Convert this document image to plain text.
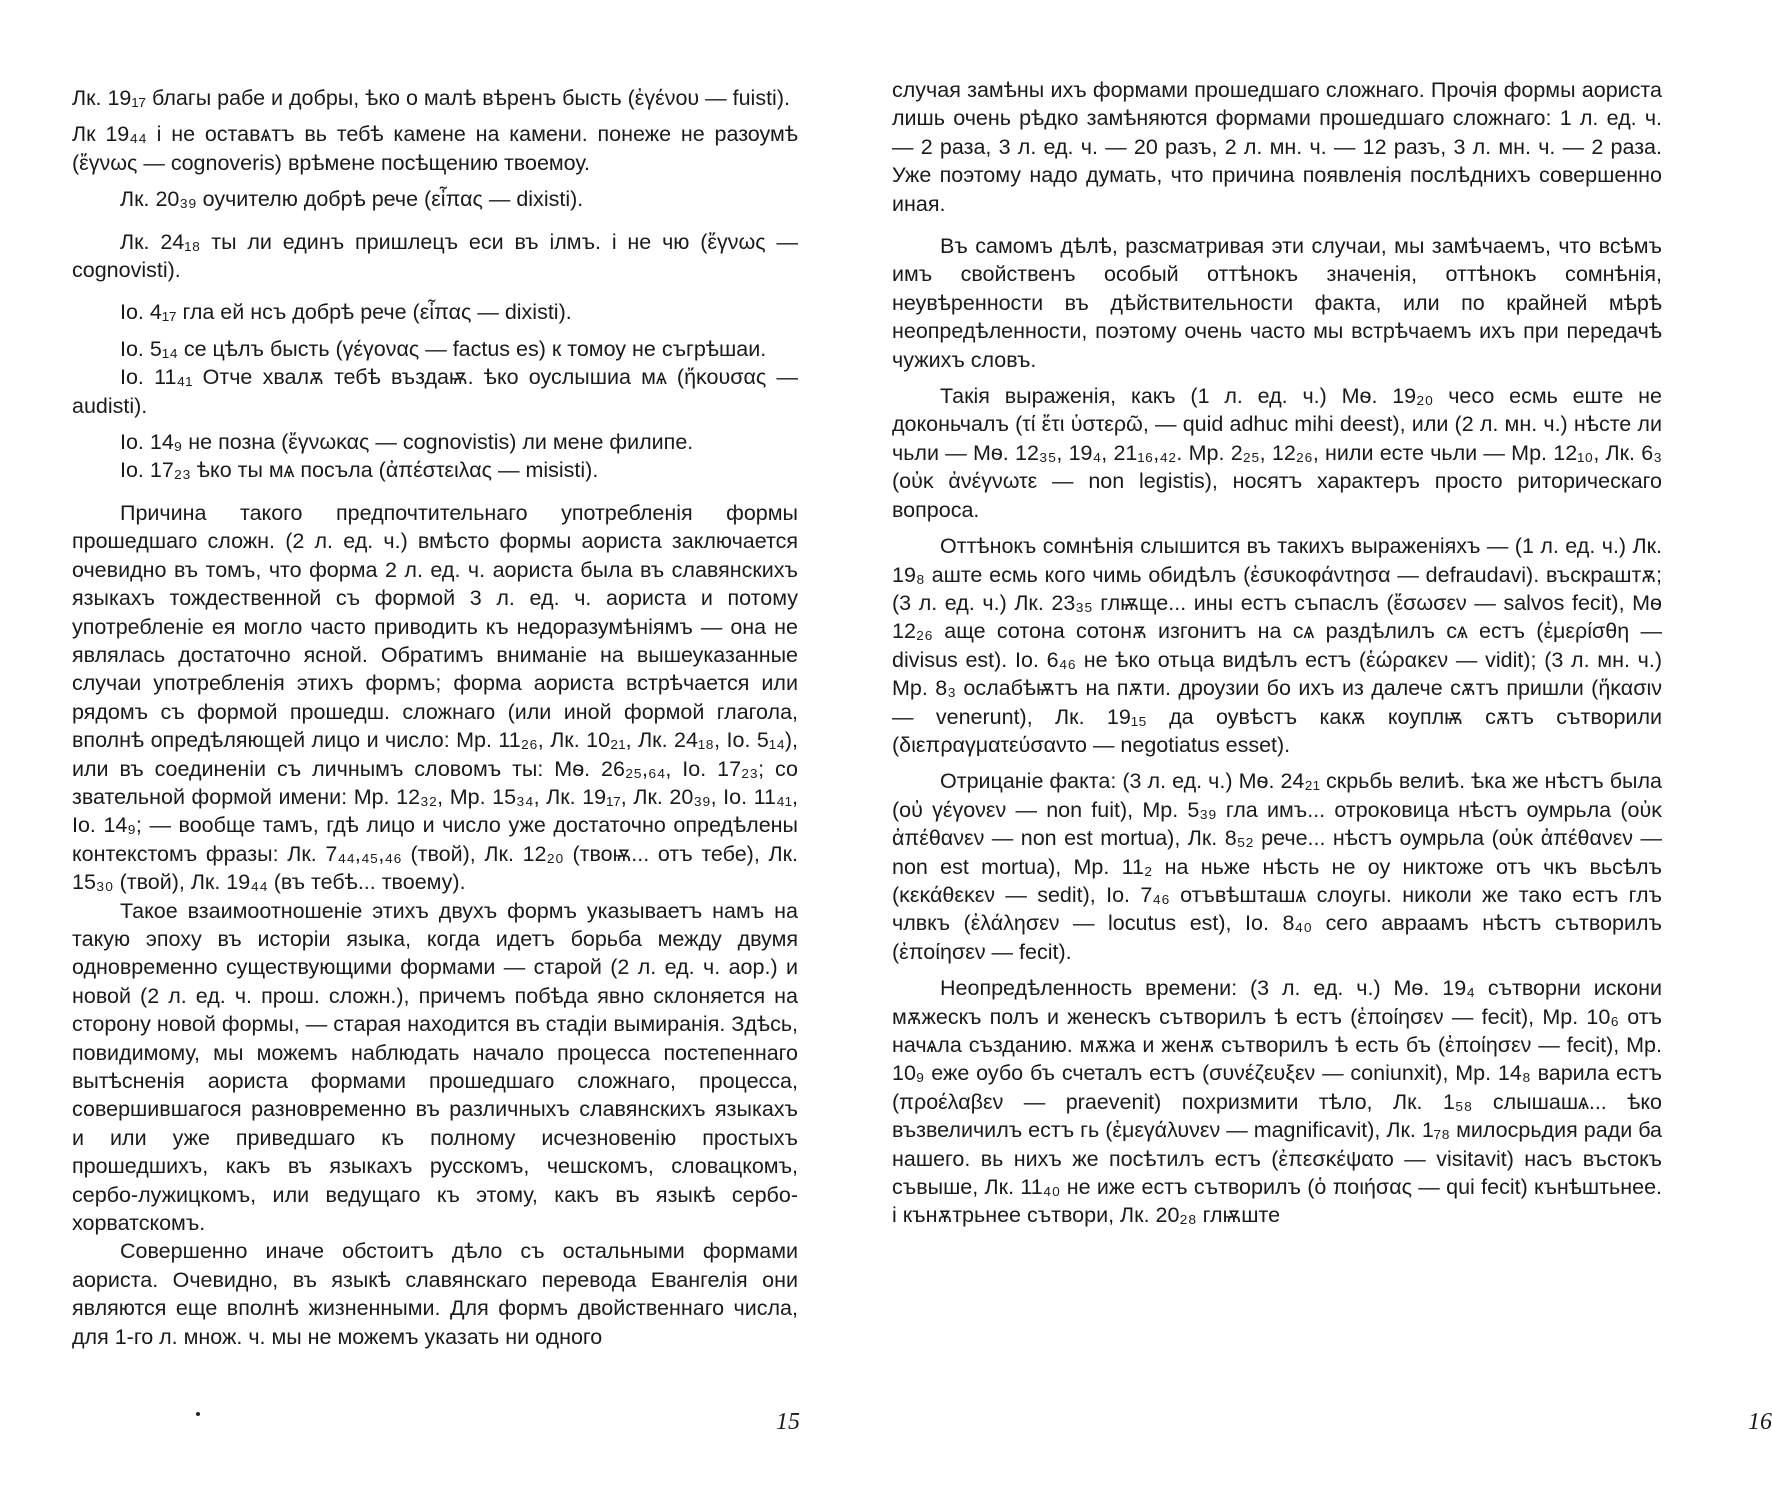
Лк. 19₁₇ благы рабе и добры, ѣко о малѣ вѣренъ бысть (ἐγένου — fuisti).

Лк 19₄₄ і не оставѧтъ вь тебѣ камене на камени. понеже не разоумѣ (ἔγνως — cognoveris) врѣмене посѣщению твоемоу.

Лк. 20₃₉ оучителю добрѣ рече (εἶπας — dixisti).

Лк. 24₁₈ ты ли единъ пришлецъ еси въ ілмъ. і не чю (ἔγνως — cognovisti).

Іо. 4₁₇ гла ей нсъ добрѣ рече (εἶπας — dixisti).

Іо. 5₁₄ се цѣлъ бысть (γέγονας — factus es) к томоу не съгрѣшаи.

Іо. 11₄₁ Отче хвалѫ тебѣ въздаѭ. ѣко оуслышиа мѧ (ἤκουσας — audisti).

Іо. 14₉ не позна (ἔγνωκας — cognovistis) ли мене филипе.

Іо. 17₂₃ ѣко ты мѧ посъла (ἀπέστειλας — misisti).

Причина такого предпочтительнаго употребленія формы прошедшаго сложн. (2 л. ед. ч.) вмѣсто формы аориста заключается очевидно въ томъ, что форма 2 л. ед. ч. аориста была въ славянскихъ языкахъ тождественной съ формой 3 л. ед. ч. аориста и потому употребленіе ея могло часто приводить къ недоразумѣніямъ — она не являлась достаточно ясной. Обратимъ вниманіе на вышеуказанные случаи употребленія этихъ формъ; форма аориста встрѣчается или рядомъ съ формой прошедш. сложнаго (или иной формой глагола, вполнѣ опредѣляющей лицо и число: Мр. 11₂₆, Лк. 10₂₁, Лк. 24₁₈, Іо. 5₁₄), или въ соединеніи съ личнымъ словомъ ты: Мѳ. 26₂₅,₆₄, Іо. 17₂₃; со звательной формой имени: Мр. 12₃₂, Мр. 15₃₄, Лк. 19₁₇, Лк. 20₃₉, Іо. 11₄₁, Іо. 14₉; — вообще тамъ, гдѣ лицо и число уже достаточно опредѣлены контекстомъ фразы: Лк. 7₄₄,₄₅,₄₆ (твой), Лк. 12₂₀ (твоѭ... отъ тебе), Лк. 15₃₀ (твой), Лк. 19₄₄ (въ тебѣ... твоему).

Такое взаимоотношеніе этихъ двухъ формъ указываетъ намъ на такую эпоху въ исторіи языка, когда идетъ борьба между двумя одновременно существующими формами — старой (2 л. ед. ч. аор.) и новой (2 л. ед. ч. прош. сложн.), причемъ побѣда явно склоняется на сторону новой формы, — старая находится въ стадіи вымиранія. Здѣсь, повидимому, мы можемъ наблюдать начало процесса постепеннаго вытѣсненія аориста формами прошедшаго сложнаго, процесса, совершившагося разновременно въ различныхъ славянскихъ языкахъ и или уже приведшаго къ полному исчезновенію простыхъ прошедшихъ, какъ въ языкахъ русскомъ, чешскомъ, словацкомъ, сербо-лужицкомъ, или ведущаго къ этому, какъ въ языкѣ сербо-хорватскомъ.

Совершенно иначе обстоитъ дѣло съ остальными формами аориста. Очевидно, въ языкѣ славянскаго перевода Евангелія они являются еще вполнѣ жизненными. Для формъ двойственнаго числа, для 1-го л. множ. ч. мы не можемъ указать ни одного

15

случая замѣны ихъ формами прошедшаго сложнаго. Прочія формы аориста лишь очень рѣдко замѣняются формами прошедшаго сложнаго: 1 л. ед. ч. — 2 раза, 3 л. ед. ч. — 20 разъ, 2 л. мн. ч. — 12 разъ, 3 л. мн. ч. — 2 раза. Уже поэтому надо думать, что причина появленія послѣднихъ совершенно иная.

Въ самомъ дѣлѣ, разсматривая эти случаи, мы замѣчаемъ, что всѣмъ имъ свойственъ особый оттѣнокъ значенія, оттѣнокъ сомнѣнія, неувѣренности въ дѣйствительности факта, или по крайней мѣрѣ неопредѣленности, поэтому очень часто мы встрѣчаемъ ихъ при передачѣ чужихъ словъ.

Такія выраженія, какъ (1 л. ед. ч.) Мѳ. 19₂₀ чесо есмь еште не доконьчалъ (τί ἔτι ὑστερῶ, — quid adhuc mihi deest), или (2 л. мн. ч.) нѣсте ли чьли — Мѳ. 12₃₅, 19₄, 21₁₆,₄₂. Мр. 2₂₅, 12₂₆, нили есте чьли — Мр. 12₁₀, Лк. 6₃ (οὐκ ἀνέγνωτε — non legistis), носятъ характеръ просто риторическаго вопроса.

Оттѣнокъ сомнѣнія слышится въ такихъ выраженіяхъ — (1 л. ед. ч.) Лк. 19₈ аште есмь кого чимь обидѣлъ (ἐσυκοφάντησα — defraudavi). въскраштѫ; (3 л. ед. ч.) Лк. 23₃₅ глѭще... ины естъ съпаслъ (ἔσωσεν — salvos fecit), Мѳ 12₂₆ аще сотона сотонѫ изгонитъ на сѧ раздѣлилъ сѧ естъ (ἐμερίσθη — divisus est). Іо. 6₄₆ не ѣко отьца видѣлъ естъ (ἑώρακεν — vidit); (3 л. мн. ч.) Мр. 8₃ ослабѣѭтъ на пѫти. дроузии бо ихъ из далече сѫтъ пришли (ἥκασιν — venerunt), Лк. 19₁₅ да оувѣстъ какѫ коуплѭ сѫтъ сътворили (διεπραγματεύσαντο — negotiatus esset).

Отрицаніе факта: (3 л. ед. ч.) Мѳ. 24₂₁ скрьбь велиѣ. ѣка же нѣстъ была (οὐ γέγονεν — non fuit), Мр. 5₃₉ гла имъ... отроковица нѣстъ оумрьла (οὐκ ἀπέθανεν — non est mortua), Лк. 8₅₂ рече... нѣстъ оумрьла (οὐκ ἀπέθανεν — non est mortua), Мр. 11₂ на ньже нѣсть не оу никтоже отъ чкъ вьсѣлъ (κεκάθεκεν — sedit), Іо. 7₄₆ отъвѣшташѧ слоугы. николи же тако естъ глъ члвкъ (ἐλάλησεν — locutus est), Іо. 8₄₀ сего авраамъ нѣстъ сътворилъ (ἐποίησεν — fecit).

Неопредѣленность времени: (3 л. ед. ч.) Мѳ. 19₄ сътворни искони мѫжескъ полъ и женескъ сътворилъ ѣ естъ (ἐποίησεν — fecit), Мр. 10₆ отъ начѧла създанию. мѫжа и женѫ сътворилъ ѣ есть бъ (ἐποίησεν — fecit), Мр. 10₉ еже оубо бъ счеталъ естъ (συνέζευξεν — coniunxit), Мр. 14₈ варила естъ (προέλαβεν — praevenit) похризмити тѣло, Лк. 1₅₈ слышашѧ... ѣко възвеличилъ естъ гь (ἐμεγάλυνεν — magnificavit), Лк. 1₇₈ милосрьдия ради ба нашего. вь нихъ же посѣтилъ естъ (ἐπεσκέψατο — visitavit) насъ въстокъ съвыше, Лк. 11₄₀ не иже естъ сътворилъ (ὁ ποιήσας — qui fecit) кънѣштьнее. і кънѫтрьнее сътвори, Лк. 20₂₈ глѭште

16
